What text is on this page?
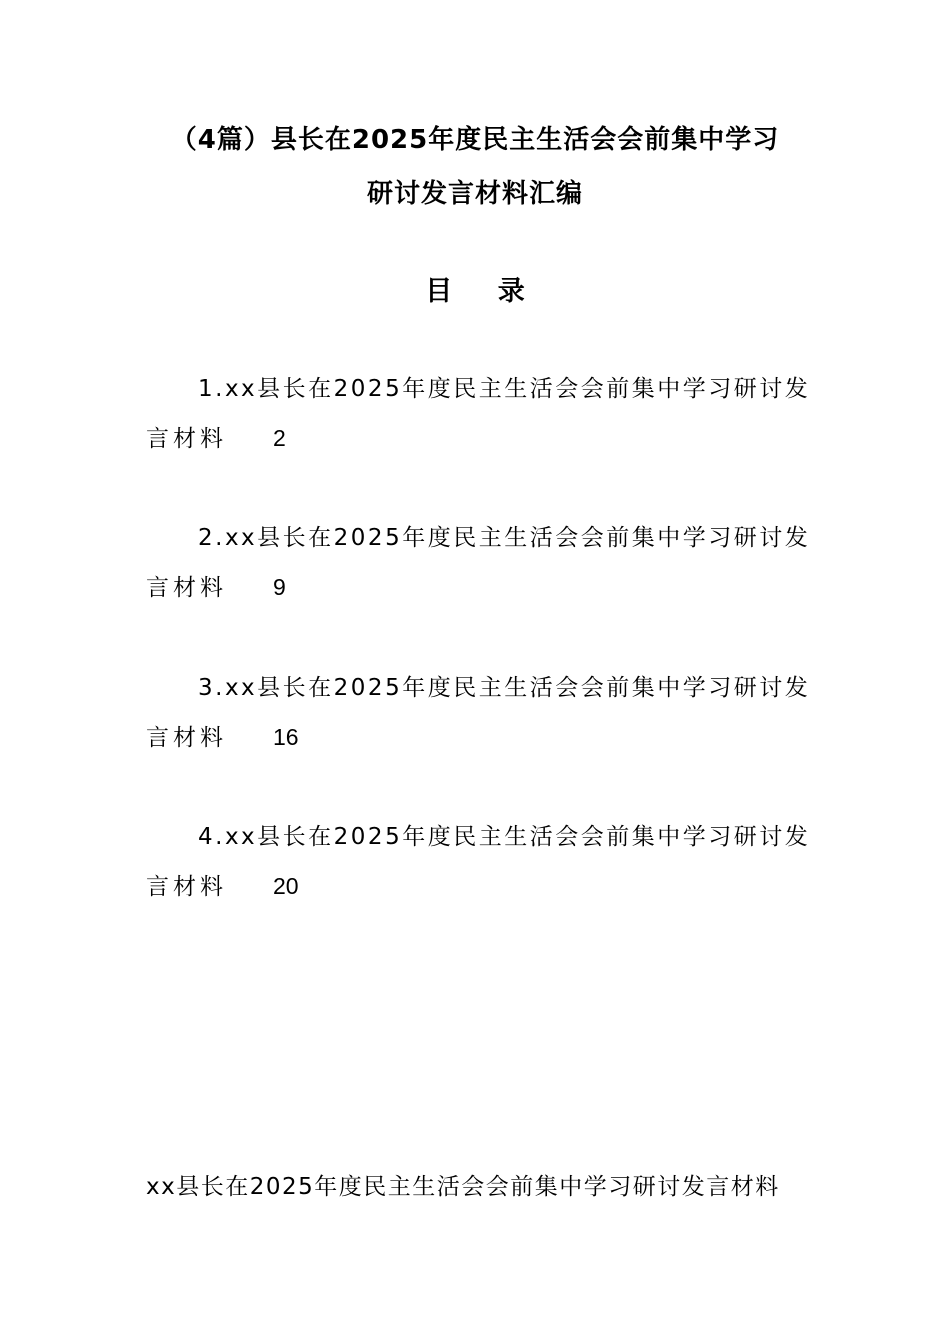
（4篇）县长在2025年度民主生活会会前集中学习
研讨发言材料汇编
目 录
1.xx县长在2025年度民主生活会会前集中学习研讨发
言材料 2
2.xx县长在2025年度民主生活会会前集中学习研讨发
言材料 9
3.xx县长在2025年度民主生活会会前集中学习研讨发
言材料 16
4.xx县长在2025年度民主生活会会前集中学习研讨发
言材料 20

xx县长在2025年度民主生活会会前集中学习研讨发言材料
